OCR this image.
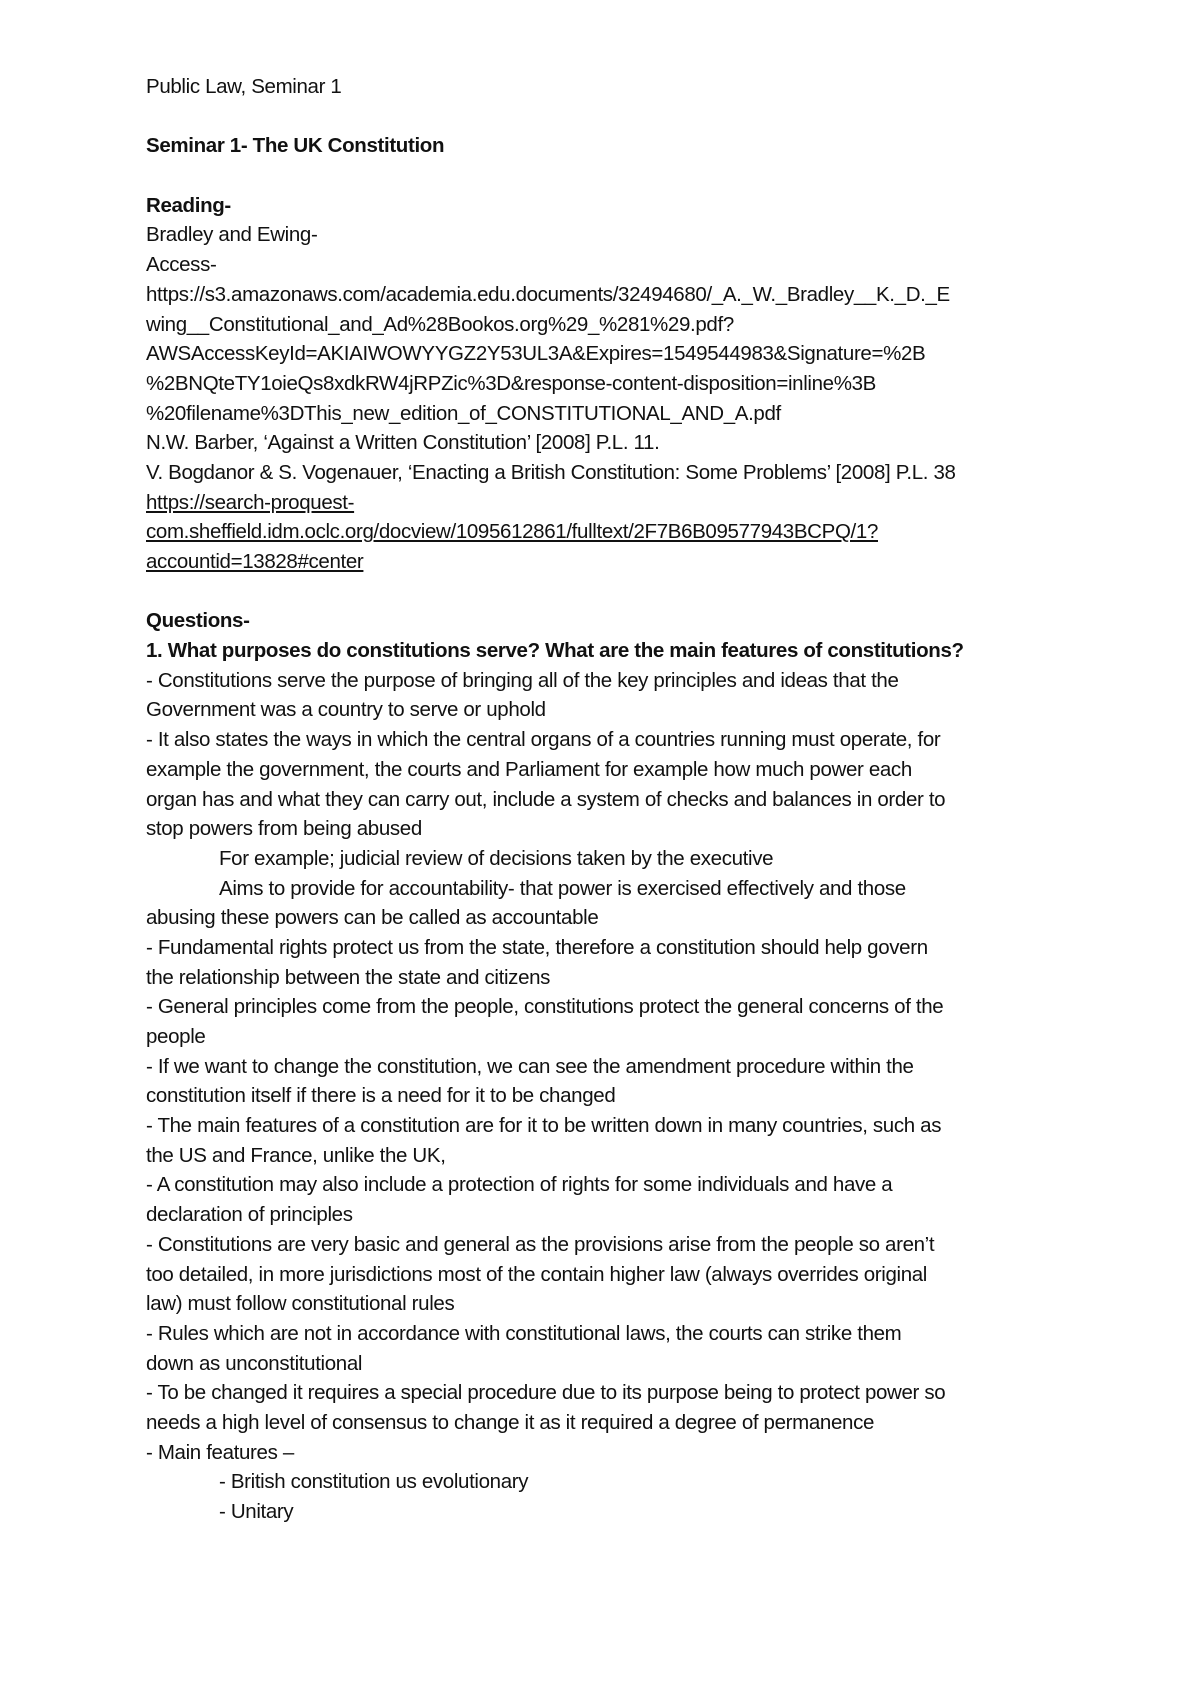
Public Law, Seminar 1
Seminar 1- The UK Constitution
Reading-
Bradley and Ewing-
Access-
https://s3.amazonaws.com/academia.edu.documents/32494680/_A._W._Bradley__K._D._E
wing__Constitutional_and_Ad%28Bookos.org%29_%281%29.pdf?
AWSAccessKeyId=AKIAIWOWYYGZ2Y53UL3A&Expires=1549544983&Signature=%2B
%2BNQteTY1oieQs8xdkRW4jRPZic%3D&response-content-disposition=inline%3B
%20filename%3DThis_new_edition_of_CONSTITUTIONAL_AND_A.pdf
N.W. Barber, ‘Against a Written Constitution’ [2008] P.L. 11.
V. Bogdanor & S. Vogenauer, ‘Enacting a British Constitution: Some Problems’ [2008] P.L. 38
https://search-proquest-
com.sheffield.idm.oclc.org/docview/1095612861/fulltext/2F7B6B09577943BCPQ/1?
accountid=13828#center
Questions-
1. What purposes do constitutions serve? What are the main features of constitutions?
- Constitutions serve the purpose of bringing all of the key principles and ideas that the
Government was a country to serve or uphold
- It also states the ways in which the central organs of a countries running must operate, for
example the government, the courts and Parliament for example how much power each
organ has and what they can carry out, include a system of checks and balances in order to
stop powers from being abused
For example; judicial review of decisions taken by the executive
Aims to provide for accountability- that power is exercised effectively and those
abusing these powers can be called as accountable
- Fundamental rights protect us from the state, therefore a constitution should help govern
the relationship between the state and citizens
- General principles come from the people, constitutions protect the general concerns of the
people
- If we want to change the constitution, we can see the amendment procedure within the
constitution itself if there is a need for it to be changed
- The main features of a constitution are for it to be written down in many countries, such as
the US and France, unlike the UK,
- A constitution may also include a protection of rights for some individuals and have a
declaration of principles
- Constitutions are very basic and general as the provisions arise from the people so aren’t
too detailed, in more jurisdictions most of the contain higher law (always overrides original
law) must follow constitutional rules
- Rules which are not in accordance with constitutional laws, the courts can strike them
down as unconstitutional
- To be changed it requires a special procedure due to its purpose being to protect power so
needs a high level of consensus to change it as it required a degree of permanence
- Main features –
- British constitution us evolutionary
- Unitary
